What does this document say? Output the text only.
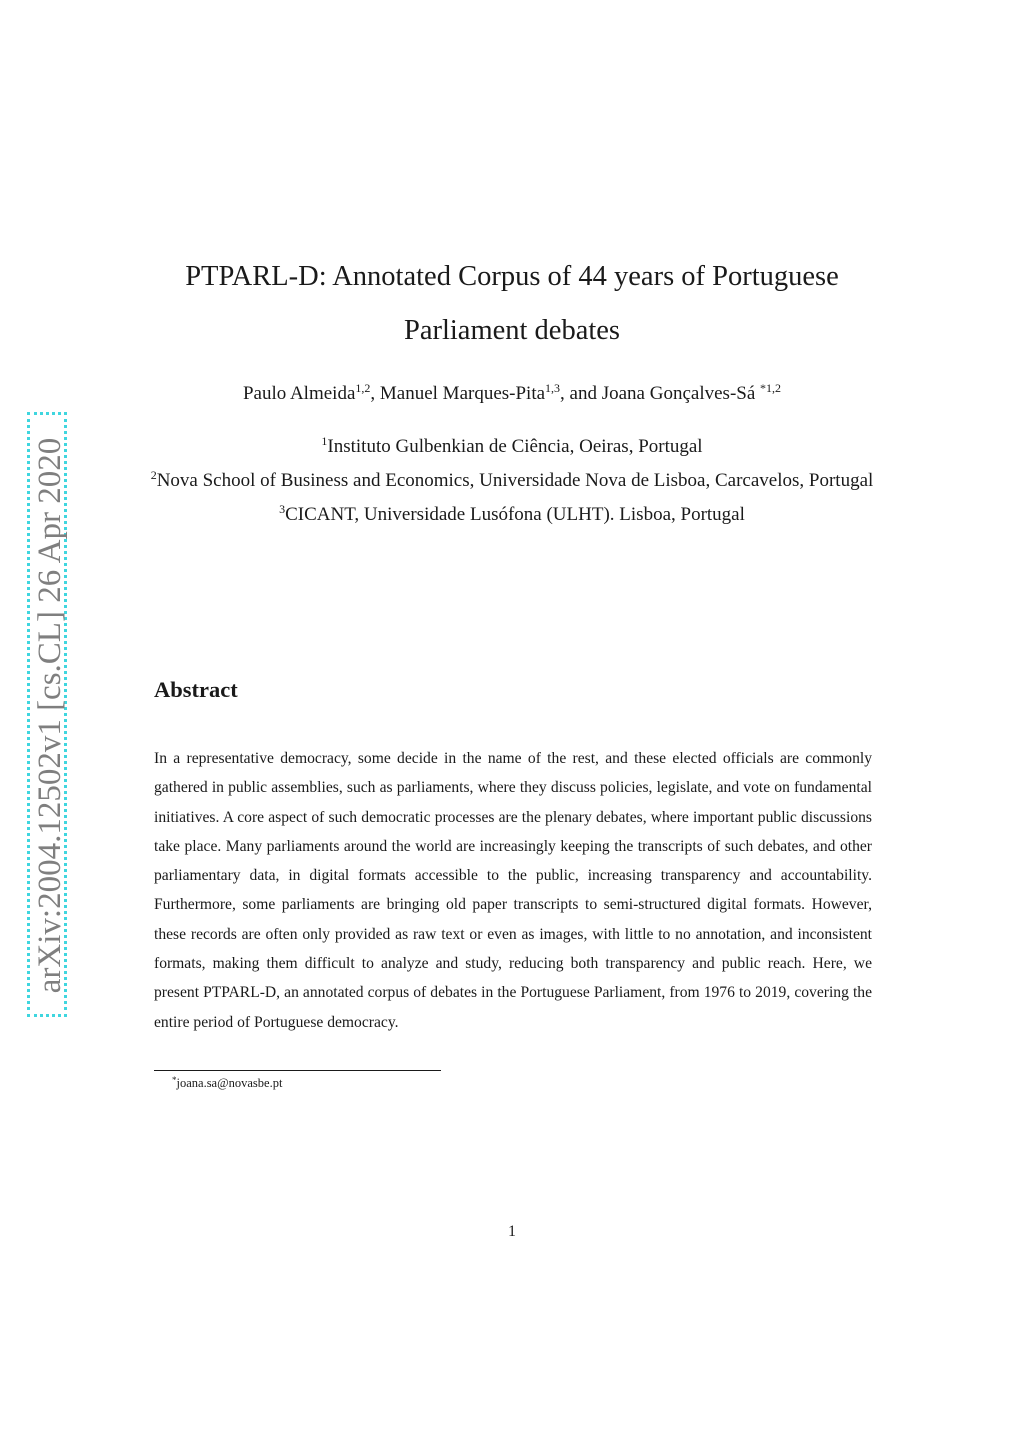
arXiv:2004.12502v1 [cs.CL] 26 Apr 2020
PTPARL-D: Annotated Corpus of 44 years of Portuguese Parliament debates
Paulo Almeida$^{1,2}$, Manuel Marques-Pita$^{1,3}$, and Joana Gonçalves-Sá $^{*1,2}$
$^1$Instituto Gulbenkian de Ciência, Oeiras, Portugal
$^2$Nova School of Business and Economics, Universidade Nova de Lisboa, Carcavelos, Portugal
$^3$CICANT, Universidade Lusófona (ULHT). Lisboa, Portugal
Abstract

In a representative democracy, some decide in the name of the rest, and these elected officials are commonly gathered in public assemblies, such as parliaments, where they discuss policies, legislate, and vote on fundamental initiatives. A core aspect of such democratic processes are the plenary debates, where important public discussions take place. Many parliaments around the world are increasingly keeping the transcripts of such debates, and other parliamentary data, in digital formats accessible to the public, increasing transparency and accountability. Furthermore, some parliaments are bringing old paper transcripts to semi-structured digital formats. However, these records are often only provided as raw text or even as images, with little to no annotation, and inconsistent formats, making them difficult to analyze and study, reducing both transparency and public reach. Here, we present PTPARL-D, an annotated corpus of debates in the Portuguese Parliament, from 1976 to 2019, covering the entire period of Portuguese democracy.

*joana.sa@novasbe.pt
1
